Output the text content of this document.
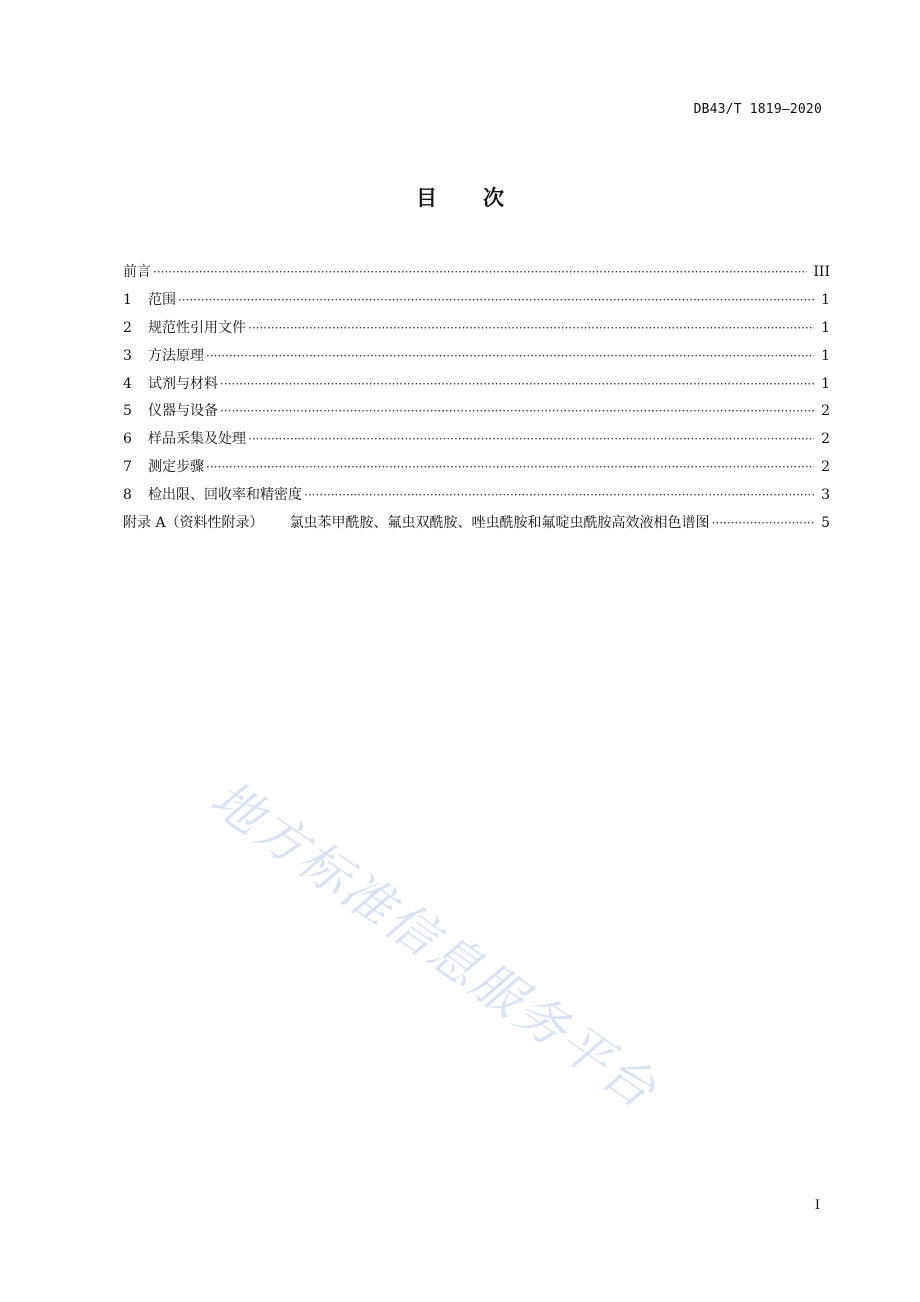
DB43/T 1819—2020
目 次
前言 ·····	III
1	范围 ·····	1
2	规范性引用文件 ·····	1
3	方法原理 ·····	1
4	试剂与材料 ·····	1
5	仪器与设备 ·····	2
6	样品采集及处理 ·····	2
7	测定步骤 ·····	2
8	检出限、回收率和精密度 ·····	3
附录 A（资料性附录） 氯虫苯甲酰胺、氟虫双酰胺、唑虫酰胺和氟啶虫酰胺高效液相色谱图 ·····	5
地方标准信息服务平台
I
